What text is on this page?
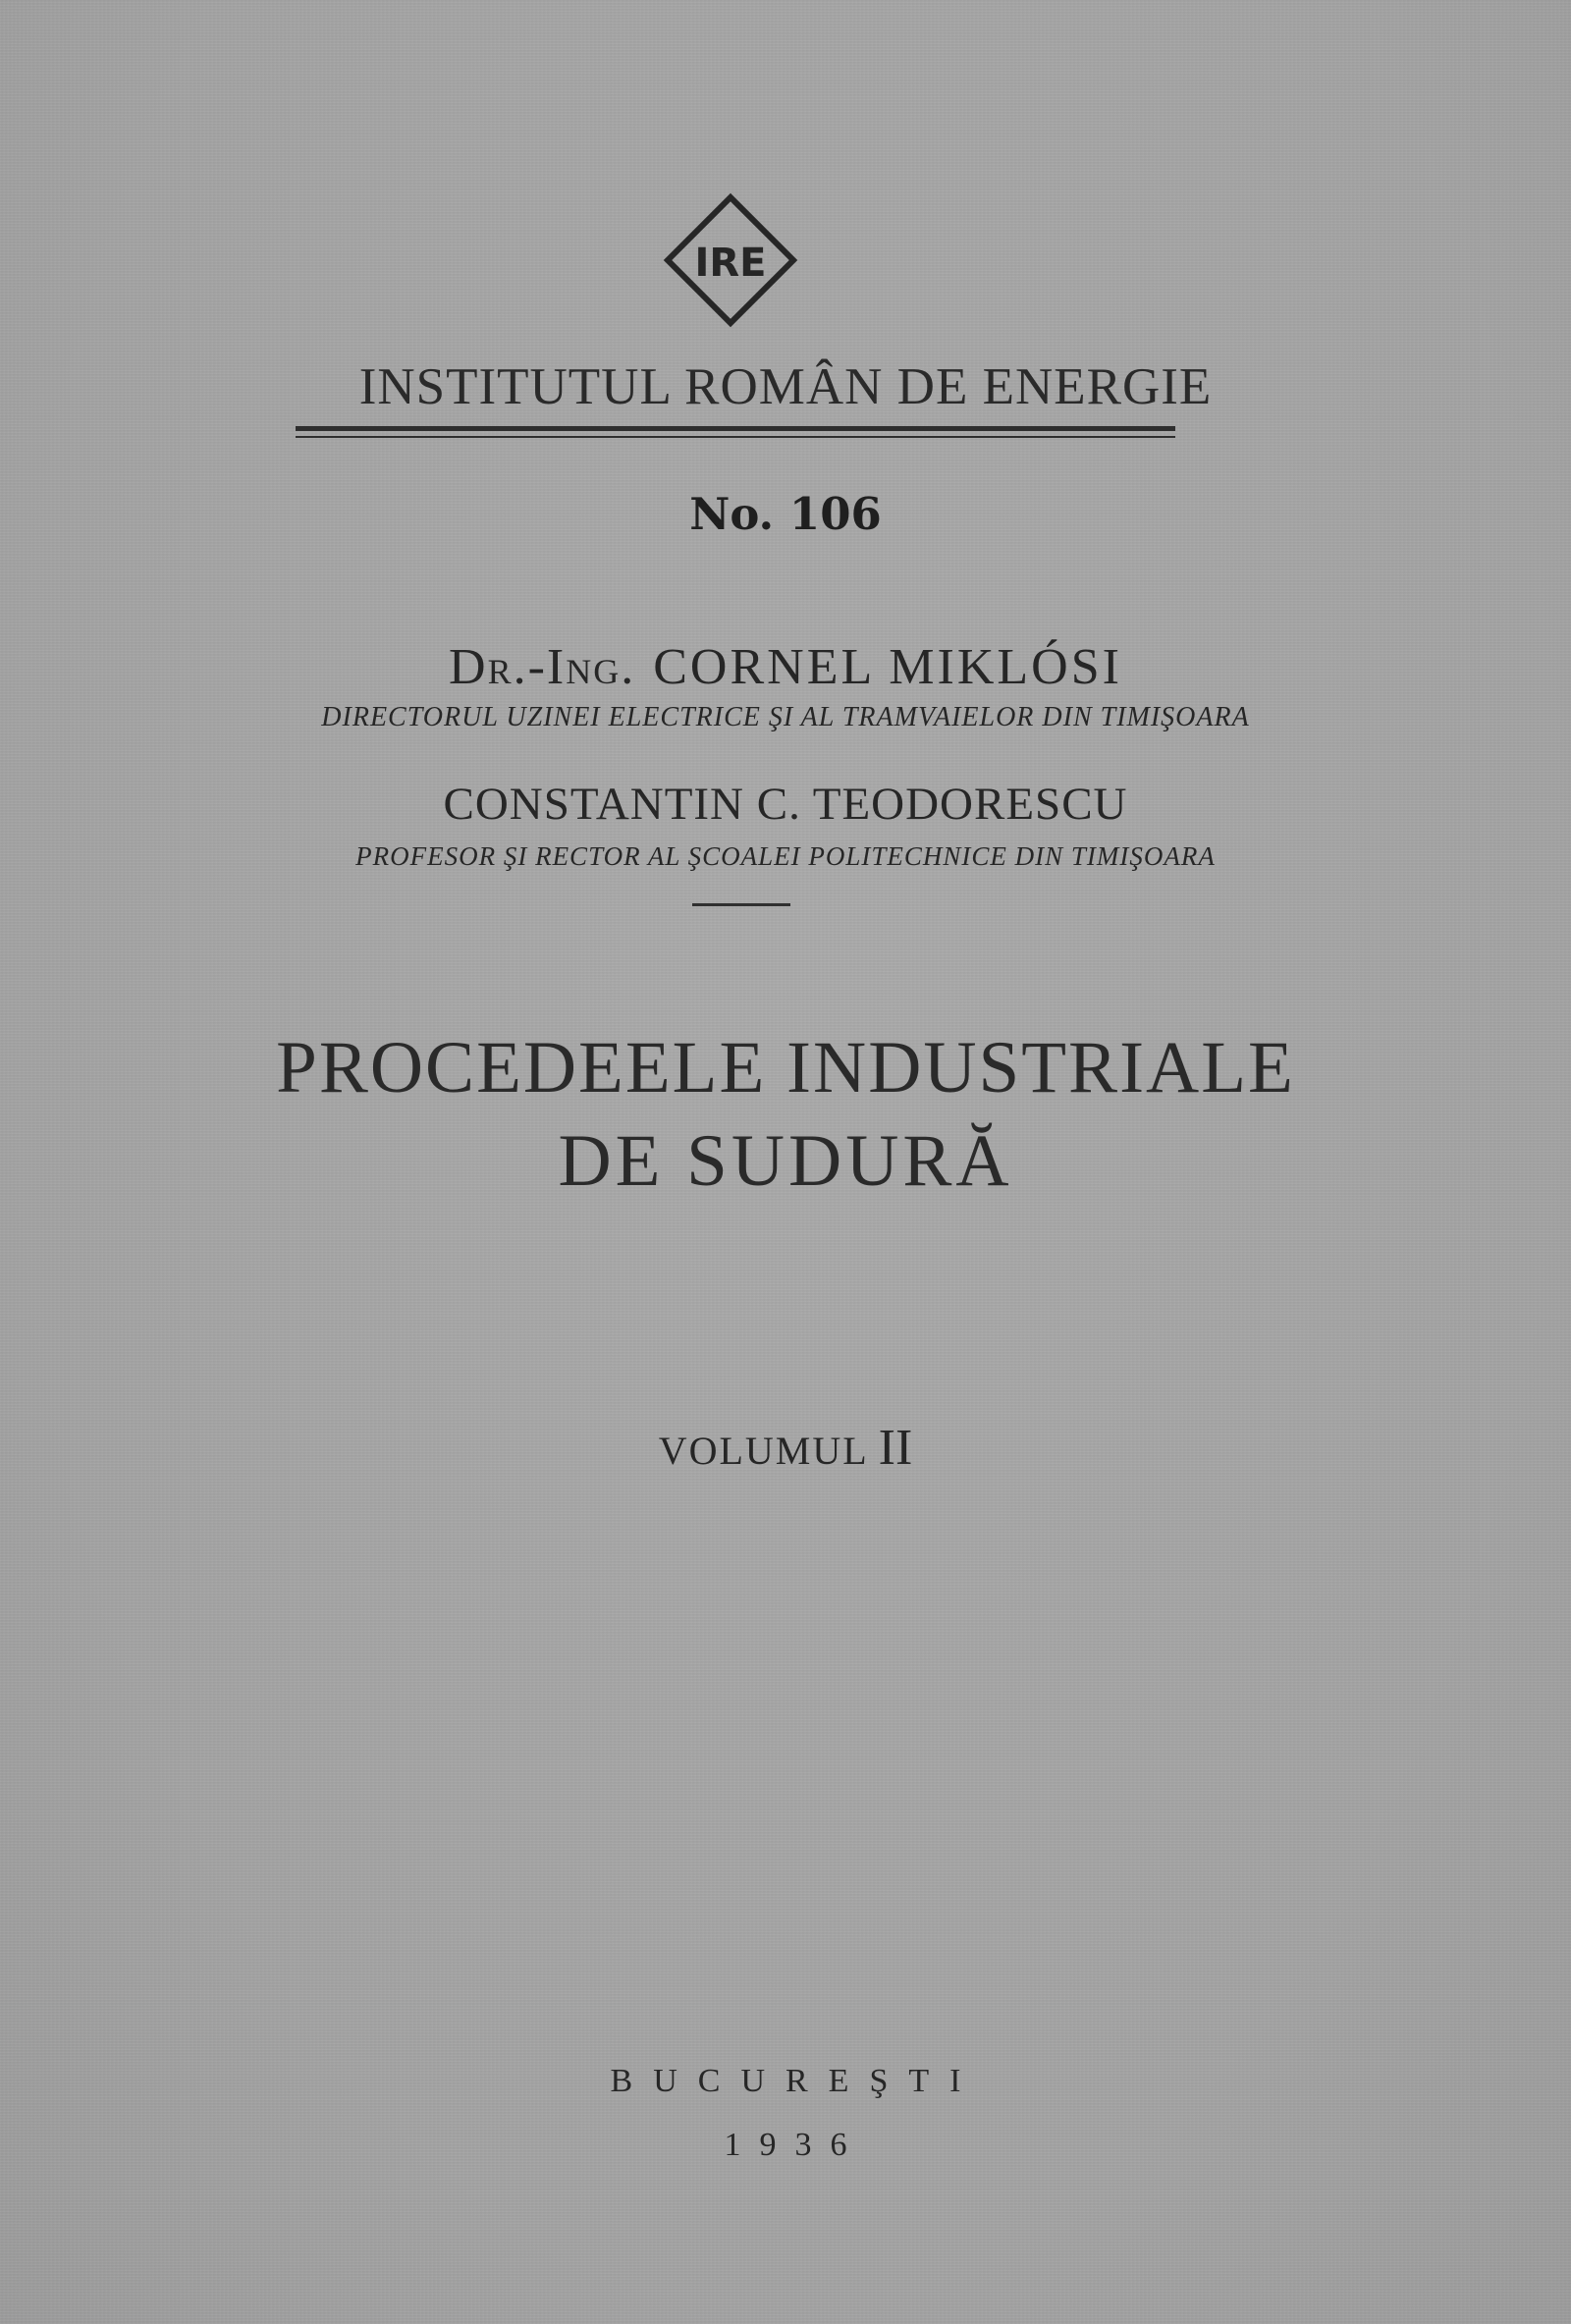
IRE
INSTITUTUL ROMÂN DE ENERGIE
No. 106
Dr.-Ing. CORNEL MIKLÓSI
DIRECTORUL UZINEI ELECTRICE ŞI AL TRAMVAIELOR DIN TIMIŞOARA
CONSTANTIN C. TEODORESCU
PROFESOR ŞI RECTOR AL ŞCOALEI POLITECHNICE DIN TIMIŞOARA
PROCEDEELE INDUSTRIALE
DE SUDURĂ
VOLUMUL II
BUCUREŞTI
1936
